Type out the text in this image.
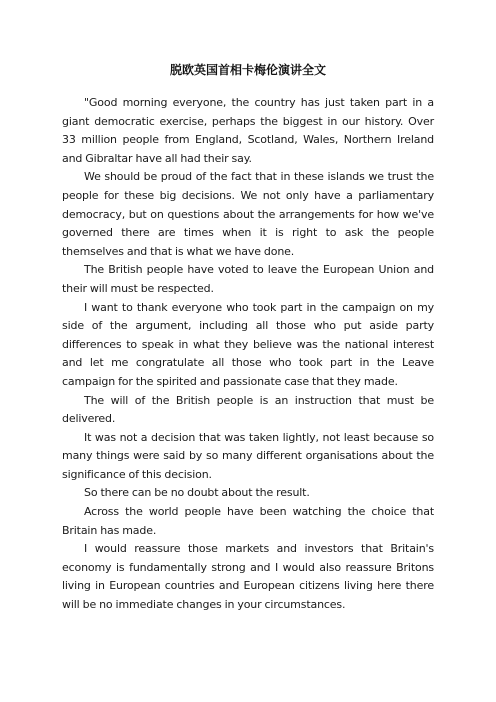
脱欧英国首相卡梅伦演讲全文

"Good morning everyone, the country has just taken part in a giant democratic exercise, perhaps the biggest in our history. Over 33 million people from England, Scotland, Wales, Northern Ireland and Gibraltar have all had their say.

We should be proud of the fact that in these islands we trust the people for these big decisions. We not only have a parliamentary democracy, but on questions about the arrangements for how we've governed there are times when it is right to ask the people themselves and that is what we have done.

The British people have voted to leave the European Union and their will must be respected.

I want to thank everyone who took part in the campaign on my side of the argument, including all those who put aside party differences to speak in what they believe was the national interest and let me congratulate all those who took part in the Leave campaign for the spirited and passionate case that they made.

The will of the British people is an instruction that must be delivered.

It was not a decision that was taken lightly, not least because so many things were said by so many different organisations about the significance of this decision.

So there can be no doubt about the result.

Across the world people have been watching the choice that Britain has made.

I would reassure those markets and investors that Britain's economy is fundamentally strong and I would also reassure Britons living in European countries and European citizens living here there will be no immediate changes in your circumstances.
